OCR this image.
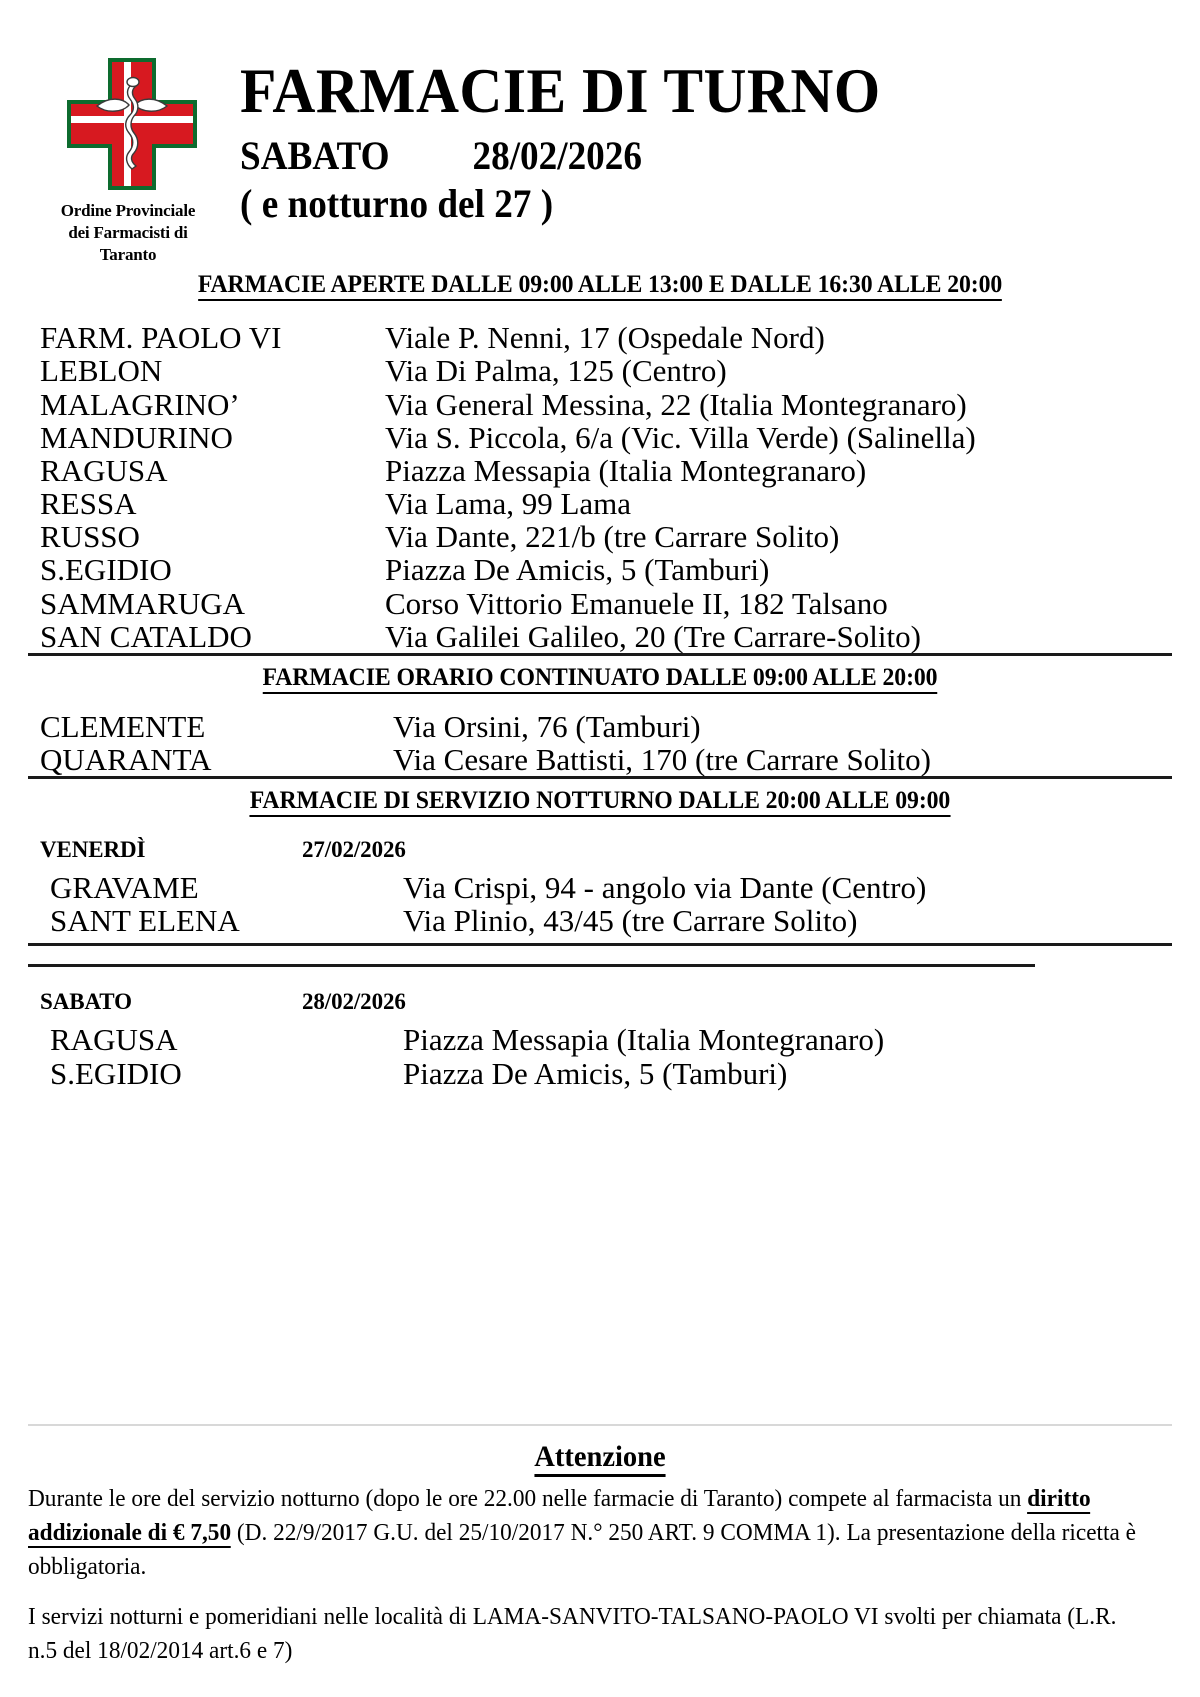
Ordine Provinciale
dei Farmacisti di
Taranto
FARMACIE DI TURNO
SABATO 28/02/2026
( e notturno del 27 )
FARMACIE APERTE DALLE 09:00 ALLE 13:00 E DALLE 16:30 ALLE 20:00
FARM. PAOLO VI	Viale P. Nenni, 17 (Ospedale Nord)
LEBLON	Via Di Palma, 125 (Centro)
MALAGRINO’	Via General Messina, 22 (Italia Montegranaro)
MANDURINO	Via S. Piccola, 6/a (Vic. Villa Verde) (Salinella)
RAGUSA	Piazza Messapia (Italia Montegranaro)
RESSA	Via Lama, 99 Lama
RUSSO	Via Dante, 221/b (tre Carrare Solito)
S.EGIDIO	Piazza De Amicis, 5 (Tamburi)
SAMMARUGA	Corso Vittorio Emanuele II, 182 Talsano
SAN CATALDO	Via Galilei Galileo, 20 (Tre Carrare-Solito)
FARMACIE ORARIO CONTINUATO DALLE 09:00 ALLE 20:00
CLEMENTE	Via Orsini, 76 (Tamburi)
QUARANTA	Via Cesare Battisti, 170 (tre Carrare Solito)
FARMACIE DI SERVIZIO NOTTURNO DALLE 20:00 ALLE 09:00
VENERDÌ	27/02/2026
GRAVAME	Via Crispi, 94 - angolo via Dante (Centro)
SANT ELENA	Via Plinio, 43/45 (tre Carrare Solito)
SABATO	28/02/2026
RAGUSA	Piazza Messapia (Italia Montegranaro)
S.EGIDIO	Piazza De Amicis, 5 (Tamburi)
Attenzione

Durante le ore del servizio notturno (dopo le ore 22.00 nelle farmacie di Taranto) compete al farmacista un diritto addizionale di € 7,50 (D. 22/9/2017 G.U. del 25/10/2017 N.° 250 ART. 9 COMMA 1). La presentazione della ricetta è obbligatoria.

I servizi notturni e pomeridiani nelle località di LAMA-SANVITO-TALSANO-PAOLO VI svolti per chiamata (L.R. n.5 del 18/02/2014 art.6 e 7)
